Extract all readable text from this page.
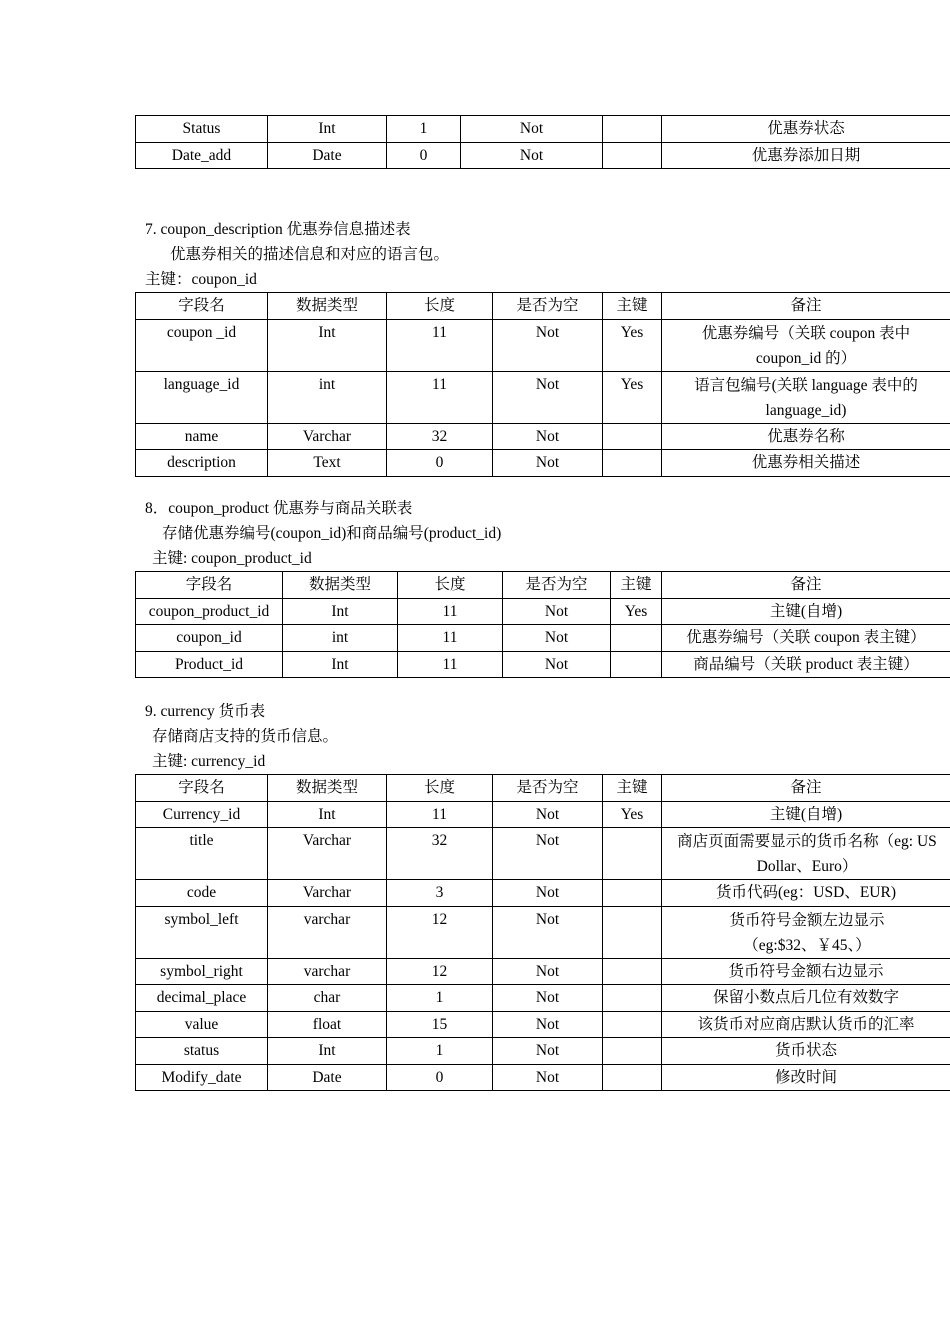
Status	Int	1	Not		优惠券状态
Date_add	Date	0	Not		优惠券添加日期
7. coupon_description 优惠券信息描述表
优惠券相关的描述信息和对应的语言包。
主键：coupon_id
字段名	数据类型	长度	是否为空	主键	备注
coupon _id	Int	11	Not	Yes	优惠券编号（关联 coupon 表中 coupon_id 的）
language_id	int	11	Not	Yes	语言包编号(关联 language 表中的 language_id)
name	Varchar	32	Not		优惠券名称
description	Text	0	Not		优惠券相关描述
8．coupon_product 优惠券与商品关联表
存储优惠券编号(coupon_id)和商品编号(product_id)
主键: coupon_product_id
字段名	数据类型	长度	是否为空	主键	备注
coupon_product_id	Int	11	Not	Yes	主键(自增)
coupon_id	int	11	Not		优惠券编号（关联 coupon 表主键）
Product_id	Int	11	Not		商品编号（关联 product 表主键）
9. currency 货币表
存储商店支持的货币信息。
主键: currency_id
字段名	数据类型	长度	是否为空	主键	备注
Currency_id	Int	11	Not	Yes	主键(自增)
title	Varchar	32	Not		商店页面需要显示的货币名称（eg: US Dollar、Euro）
code	Varchar	3	Not		货币代码(eg：USD、EUR)
symbol_left	varchar	12	Not		货币符号金额左边显示（eg:$32、￥45、）
symbol_right	varchar	12	Not		货币符号金额右边显示
decimal_place	char	1	Not		保留小数点后几位有效数字
value	float	15	Not		该货币对应商店默认货币的汇率
status	Int	1	Not		货币状态
Modify_date	Date	0	Not		修改时间
